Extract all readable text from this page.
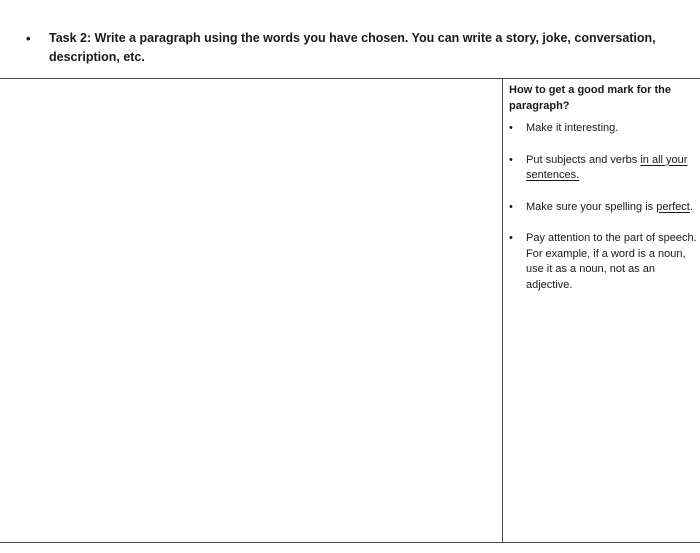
• Task 2: Write a paragraph using the words you have chosen. You can write a story, joke, conversation, description, etc.
How to get a good mark for the paragraph?
• Make it interesting.
• Put subjects and verbs in all your sentences.
• Make sure your spelling is perfect.
• Pay attention to the part of speech. For example, if a word is a noun, use it as a noun, not as an adjective.
